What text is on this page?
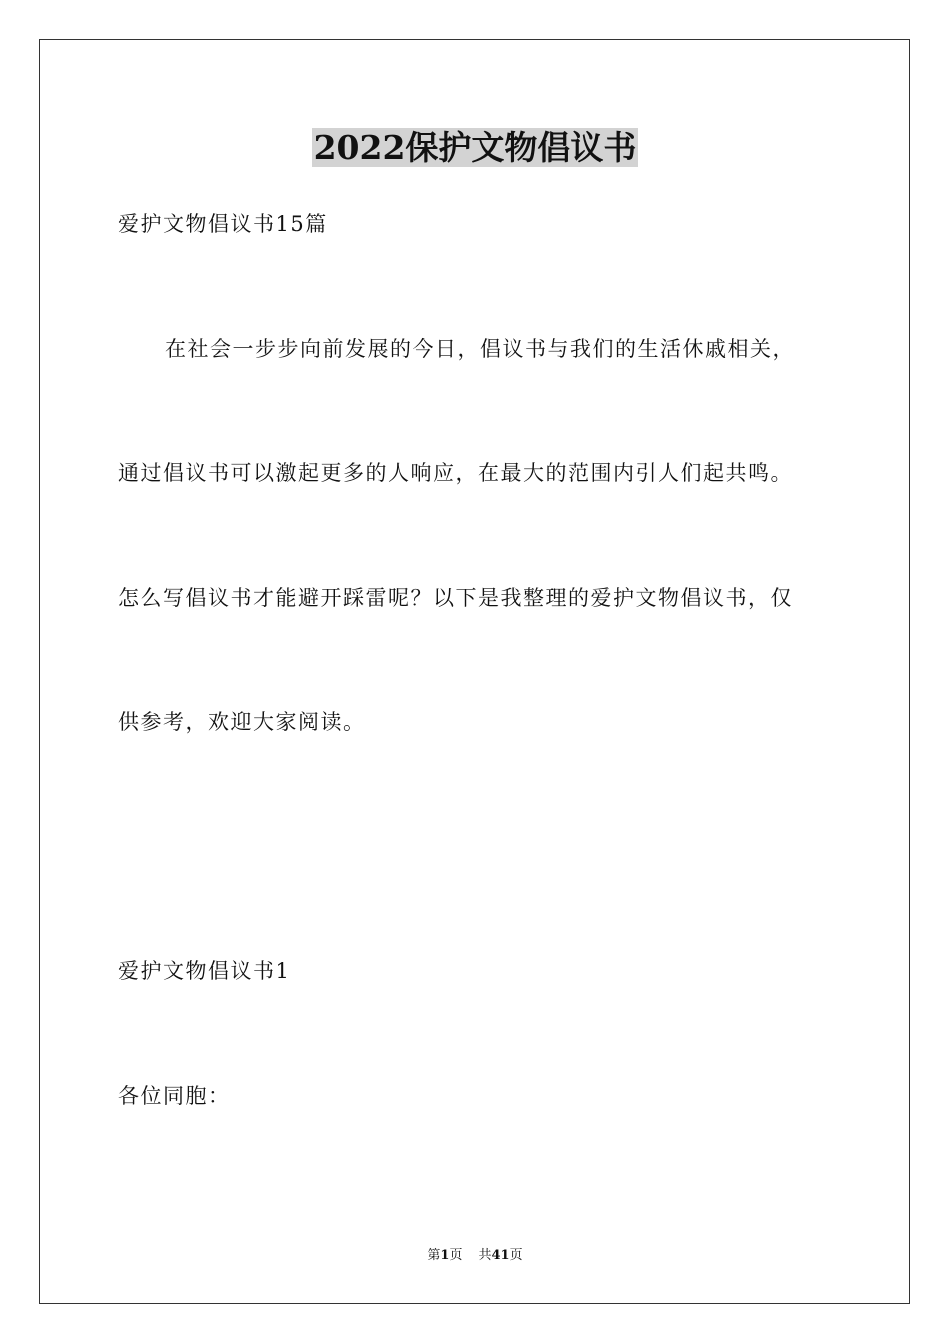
2022保护文物倡议书
爱护文物倡议书15篇
在社会一步步向前发展的今日，倡议书与我们的生活休戚相关，
通过倡议书可以激起更多的人响应，在最大的范围内引人们起共鸣。
怎么写倡议书才能避开踩雷呢？以下是我整理的爱护文物倡议书，仅
供参考，欢迎大家阅读。
爱护文物倡议书1
各位同胞：
第1页 共41页
